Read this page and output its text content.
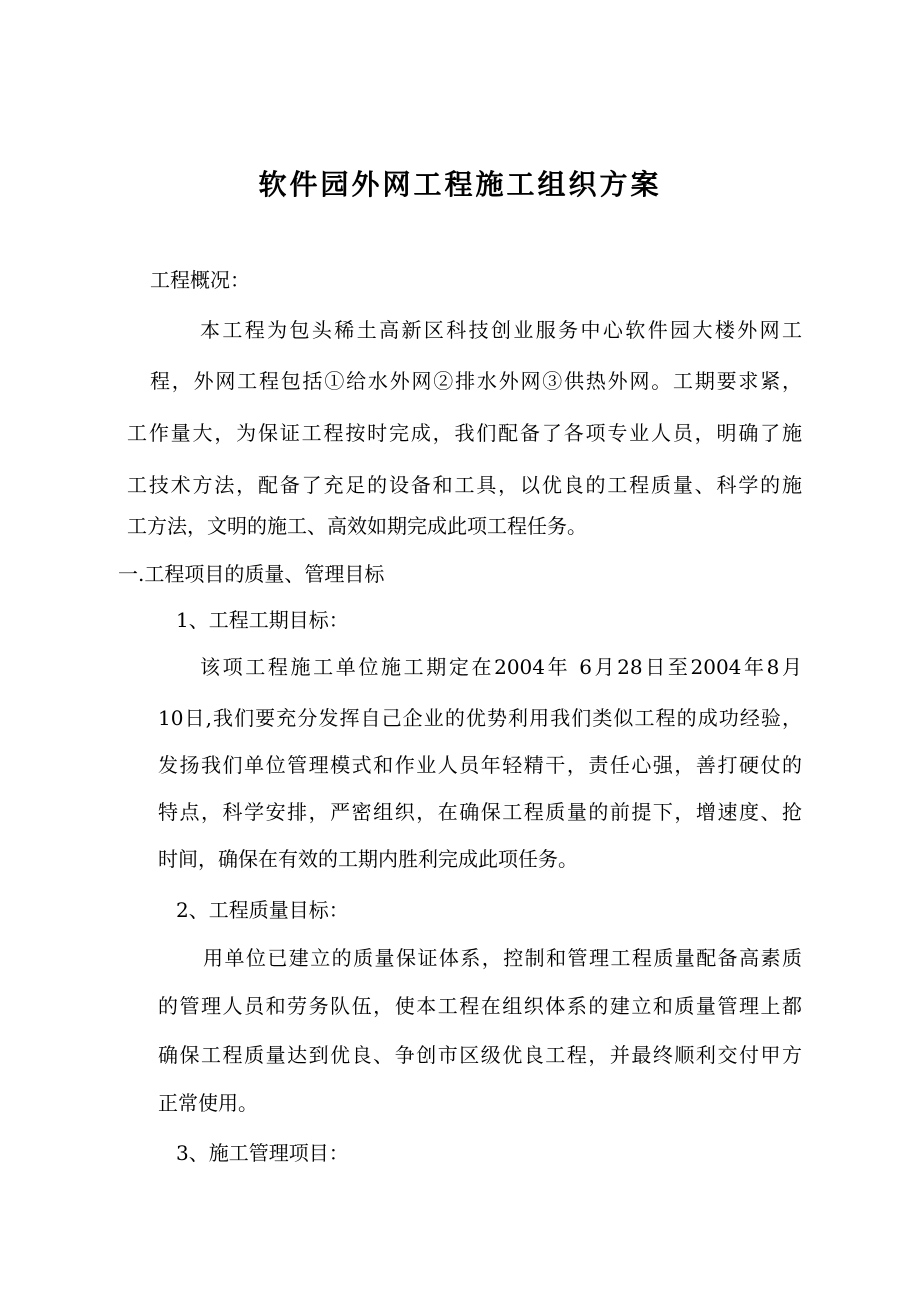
软件园外网工程施工组织方案
工程概况：
本工程为包头稀土高新区科技创业服务中心软件园大楼外网工
程，外网工程包括①给水外网②排水外网③供热外网。工期要求紧，
工作量大，为保证工程按时完成，我们配备了各项专业人员，明确了施
工技术方法，配备了充足的设备和工具，以优良的工程质量、科学的施
工方法，文明的施工、高效如期完成此项工程任务。
一.工程项目的质量、管理目标
1、工程工期目标：
该项工程施工单位施工期定在2004年 6月28日至2004年8月
10日,我们要充分发挥自己企业的优势利用我们类似工程的成功经验，
发扬我们单位管理模式和作业人员年轻精干，责任心强，善打硬仗的
特点，科学安排，严密组织，在确保工程质量的前提下，增速度、抢
时间，确保在有效的工期内胜利完成此项任务。
2、工程质量目标：
用单位已建立的质量保证体系，控制和管理工程质量配备高素质
的管理人员和劳务队伍，使本工程在组织体系的建立和质量管理上都
确保工程质量达到优良、争创市区级优良工程，并最终顺利交付甲方
正常使用。
3、施工管理项目：
